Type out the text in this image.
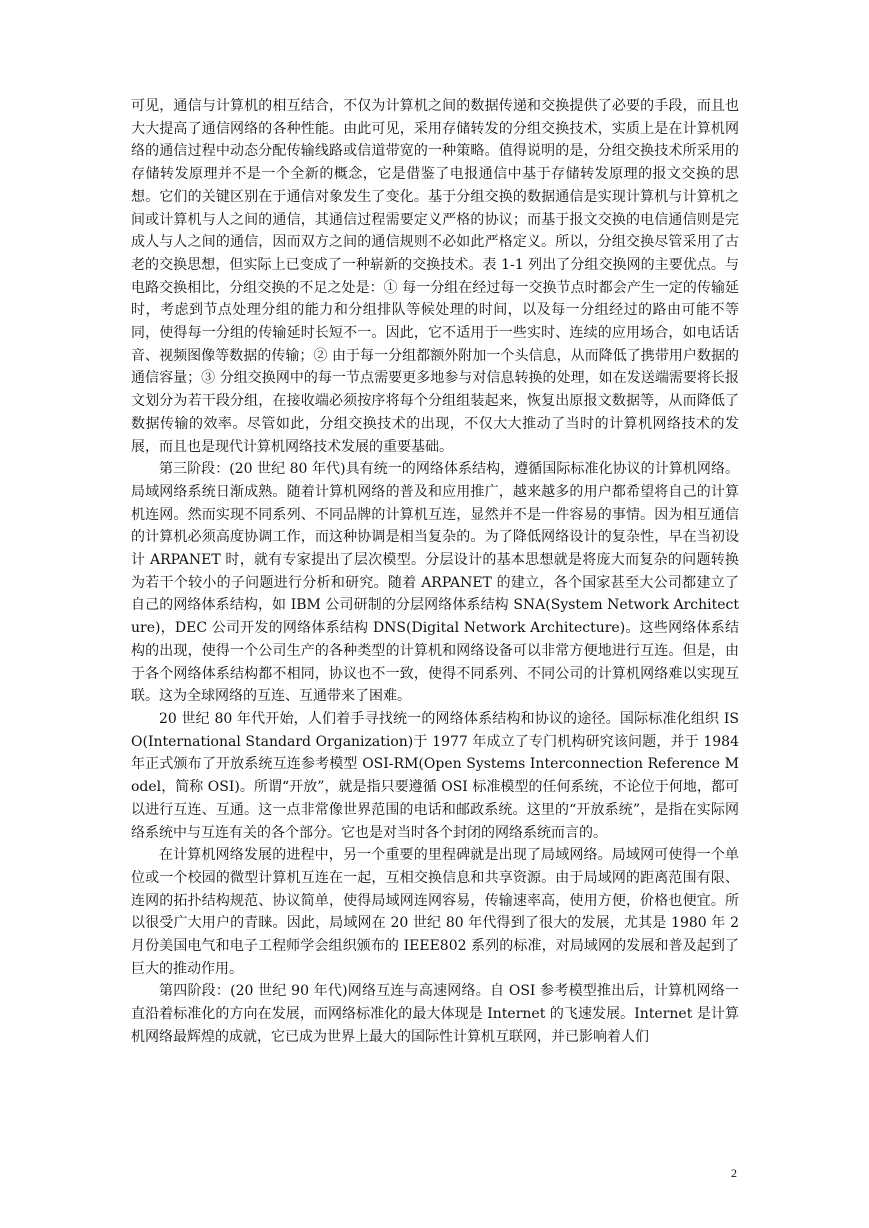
可见，通信与计算机的相互结合，不仅为计算机之间的数据传递和交换提供了必要的手段，而且也大大提高了通信网络的各种性能。由此可见，采用存储转发的分组交换技术，实质上是在计算机网络的通信过程中动态分配传输线路或信道带宽的一种策略。值得说明的是，分组交换技术所采用的存储转发原理并不是一个全新的概念，它是借鉴了电报通信中基于存储转发原理的报文交换的思想。它们的关键区别在于通信对象发生了变化。基于分组交换的数据通信是实现计算机与计算机之间或计算机与人之间的通信，其通信过程需要定义严格的协议；而基于报文交换的电信通信则是完成人与人之间的通信，因而双方之间的通信规则不必如此严格定义。所以，分组交换尽管采用了古老的交换思想，但实际上已变成了一种崭新的交换技术。表 1-1 列出了分组交换网的主要优点。与电路交换相比，分组交换的不足之处是：① 每一分组在经过每一交换节点时都会产生一定的传输延时，考虑到节点处理分组的能力和分组排队等候处理的时间，以及每一分组经过的路由可能不等同，使得每一分组的传输延时长短不一。因此，它不适用于一些实时、连续的应用场合，如电话话音、视频图像等数据的传输；② 由于每一分组都额外附加一个头信息，从而降低了携带用户数据的通信容量；③ 分组交换网中的每一节点需要更多地参与对信息转换的处理，如在发送端需要将长报文划分为若干段分组，在接收端必须按序将每个分组组装起来，恢复出原报文数据等，从而降低了数据传输的效率。尽管如此，分组交换技术的出现，不仅大大推动了当时的计算机网络技术的发展，而且也是现代计算机网络技术发展的重要基础。

第三阶段：(20 世纪 80 年代)具有统一的网络体系结构，遵循国际标准化协议的计算机网络。局域网络系统日渐成熟。随着计算机网络的普及和应用推广，越来越多的用户都希望将自己的计算机连网。然而实现不同系列、不同品牌的计算机互连，显然并不是一件容易的事情。因为相互通信的计算机必须高度协调工作，而这种协调是相当复杂的。为了降低网络设计的复杂性，早在当初设计 ARPANET 时，就有专家提出了层次模型。分层设计的基本思想就是将庞大而复杂的问题转换为若干个较小的子问题进行分析和研究。随着 ARPANET 的建立，各个国家甚至大公司都建立了自己的网络体系结构，如 IBM 公司研制的分层网络体系结构 SNA(System Network Architecture)，DEC 公司开发的网络体系结构 DNS(Digital Network Architecture)。这些网络体系结构的出现，使得一个公司生产的各种类型的计算机和网络设备可以非常方便地进行互连。但是，由于各个网络体系结构都不相同，协议也不一致，使得不同系列、不同公司的计算机网络难以实现互联。这为全球网络的互连、互通带来了困难。

20 世纪 80 年代开始，人们着手寻找统一的网络体系结构和协议的途径。国际标准化组织 ISO(International Standard Organization)于 1977 年成立了专门机构研究该问题，并于 1984 年正式颁布了开放系统互连参考模型 OSI-RM(Open Systems Interconnection Reference Model，简称 OSI)。所谓“开放”，就是指只要遵循 OSI 标准模型的任何系统，不论位于何地，都可以进行互连、互通。这一点非常像世界范围的电话和邮政系统。这里的“开放系统”，是指在实际网络系统中与互连有关的各个部分。它也是对当时各个封闭的网络系统而言的。

在计算机网络发展的进程中，另一个重要的里程碑就是出现了局域网络。局域网可使得一个单位或一个校园的微型计算机互连在一起，互相交换信息和共享资源。由于局域网的距离范围有限、连网的拓扑结构规范、协议简单，使得局域网连网容易，传输速率高，使用方便，价格也便宜。所以很受广大用户的青睐。因此，局域网在 20 世纪 80 年代得到了很大的发展，尤其是 1980 年 2 月份美国电气和电子工程师学会组织颁布的 IEEE802 系列的标准，对局域网的发展和普及起到了巨大的推动作用。

第四阶段：(20 世纪 90 年代)网络互连与高速网络。自 OSI 参考模型推出后，计算机网络一直沿着标准化的方向在发展，而网络标准化的最大体现是 Internet 的飞速发展。Internet 是计算机网络最辉煌的成就，它已成为世界上最大的国际性计算机互联网，并已影响着人们

2
